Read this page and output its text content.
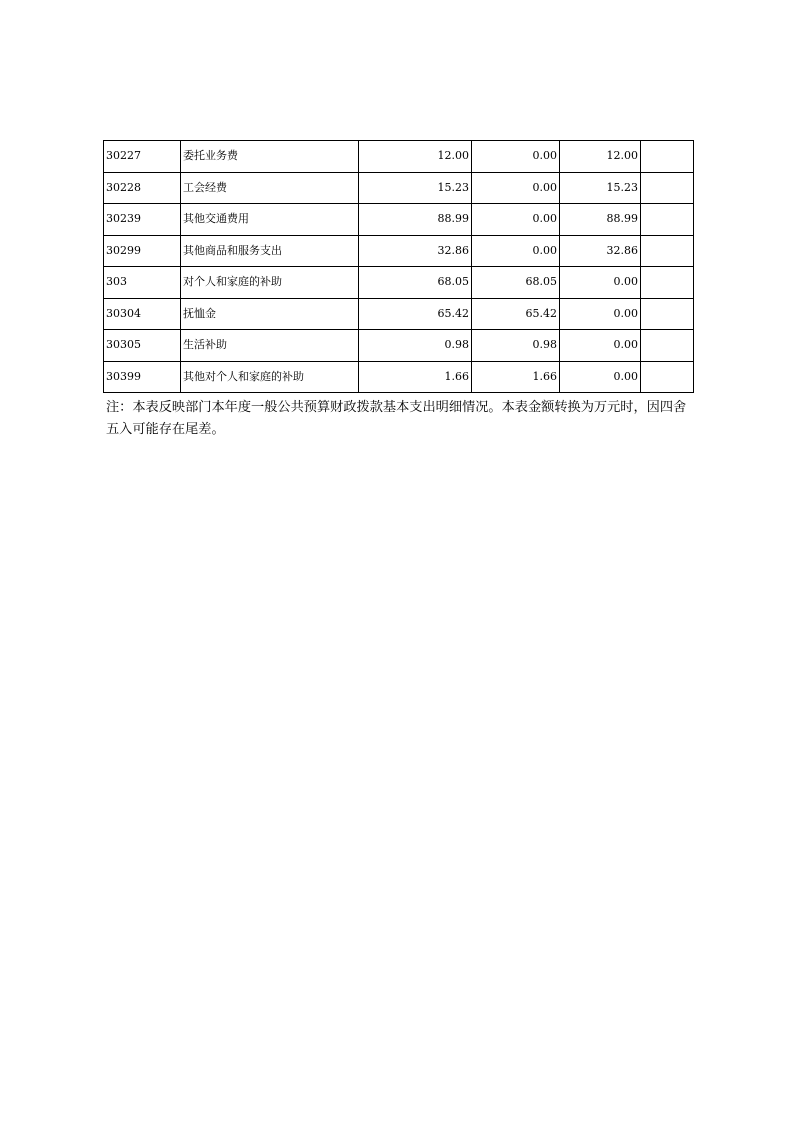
30227	委托业务费	12.00	0.00	12.00	
30228	工会经费	15.23	0.00	15.23	
30239	其他交通费用	88.99	0.00	88.99	
30299	其他商品和服务支出	32.86	0.00	32.86	
303	对个人和家庭的补助	68.05	68.05	0.00	
30304	抚恤金	65.42	65.42	0.00	
30305	生活补助	0.98	0.98	0.00	
30399	其他对个人和家庭的补助	1.66	1.66	0.00	

注：本表反映部门本年度一般公共预算财政拨款基本支出明细情况。本表金额转换为万元时，因四舍五入可能存在尾差。
